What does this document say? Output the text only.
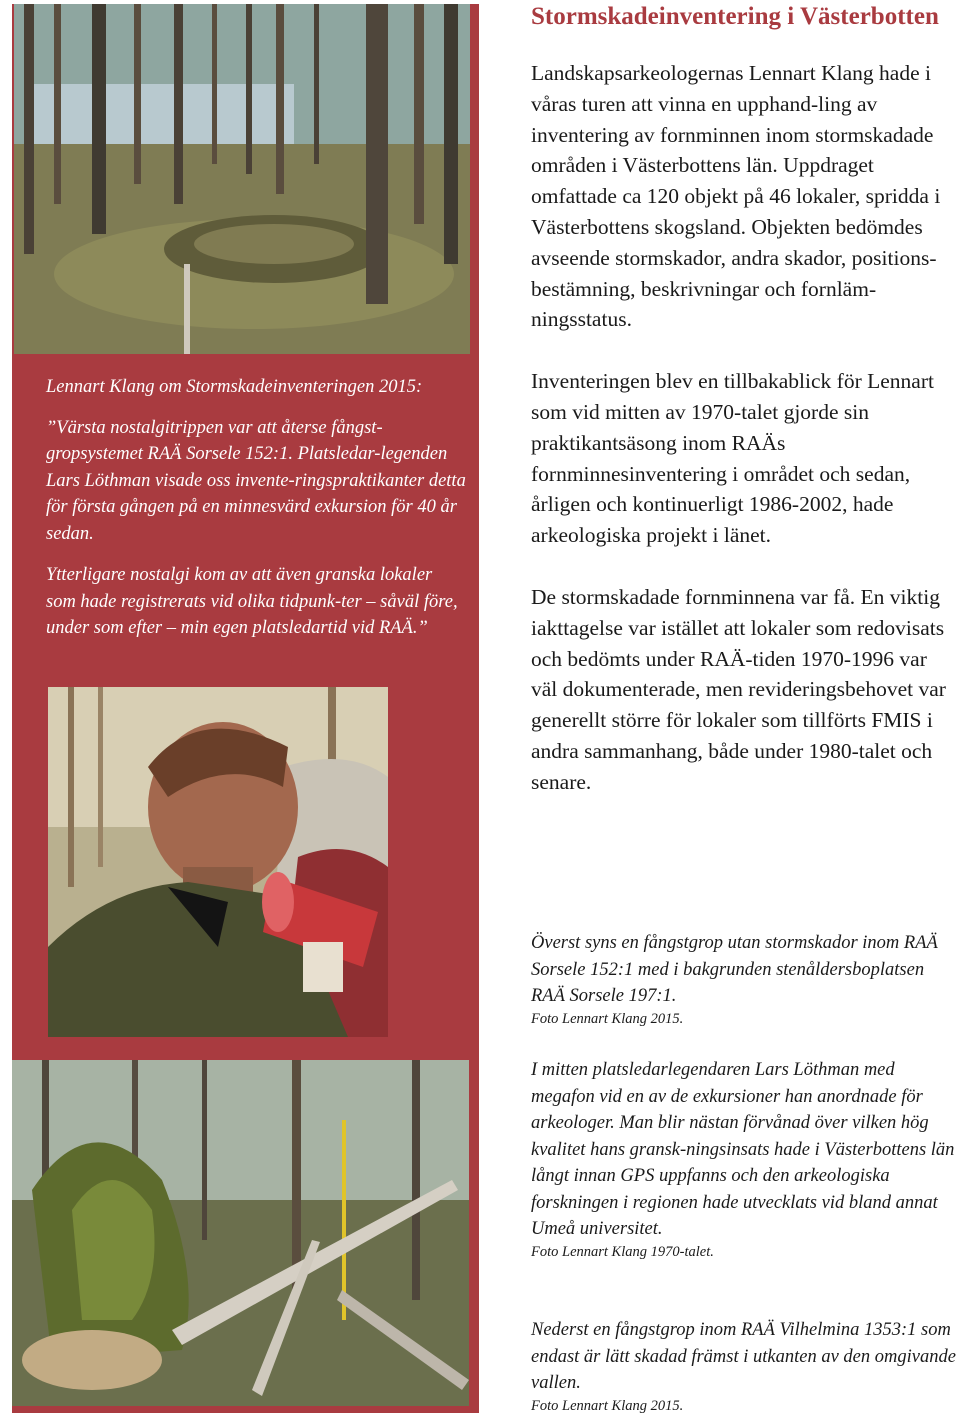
Lennart Klang om Stormskadeinventeringen 2015:

”Värsta nostalgitrippen var att återse fångst-gropsystemet RAÄ Sorsele 152:1. Platsledar-legenden Lars Löthman visade oss invente-ringspraktikanter detta för första gången på en minnesvärd exkursion för 40 år sedan.

Ytterligare nostalgi kom av att även granska lokaler som hade registrerats vid olika tidpunk-ter – såväl före, under som efter – min egen platsledartid vid RAÄ.”

Stormskadeinventering i Västerbotten

Landskapsarkeologernas Lennart Klang hade i våras turen att vinna en upphand-ling av inventering av fornminnen inom stormskadade områden i Västerbottens län. Uppdraget omfattade ca 120 objekt på 46 lokaler, spridda i Västerbottens skogsland. Objekten bedömdes avseende stormskador, andra skador, positions-bestämning, beskrivningar och fornläm-ningsstatus.

Inventeringen blev en tillbakablick för Lennart som vid mitten av 1970-talet gjorde sin praktikantsäsong inom RAÄs fornminnesinventering i området och sedan, årligen och kontinuerligt 1986-2002, hade arkeologiska projekt i länet.

De stormskadade fornminnena var få. En viktig iakttagelse var istället att lokaler som redovisats och bedömts under RAÄ-tiden 1970-1996 var väl dokumenterade, men revideringsbehovet var generellt större för lokaler som tillförts FMIS i andra sammanhang, både under 1980-talet och senare.

Överst syns en fångstgrop utan stormskador inom RAÄ Sorsele 152:1 med i bakgrunden stenåldersboplatsen RAÄ Sorsele 197:1.

Foto Lennart Klang 2015.

I mitten platsledarlegendaren Lars Löthman med megafon vid en av de exkursioner han anordnade för arkeologer. Man blir nästan förvånad över vilken hög kvalitet hans gransk-ningsinsats hade i Västerbottens län långt innan GPS uppfanns och den arkeologiska forskningen i regionen hade utvecklats vid bland annat Umeå universitet.

Foto Lennart Klang 1970-talet.

Nederst en fångstgrop inom RAÄ Vilhelmina 1353:1 som endast är lätt skadad främst i utkanten av den omgivande vallen.

Foto Lennart Klang 2015.
